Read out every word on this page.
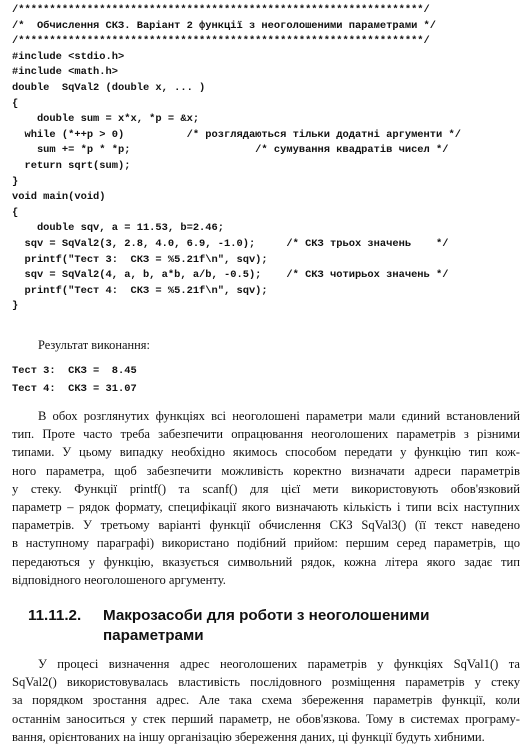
/*****************************************************************/
/*  Обчислення СКЗ. Варіант 2 функції з неоголошеними параметрами */
/*****************************************************************/
#include <stdio.h>
#include <math.h>
double  SqVal2 (double x, ... )
{
double sum = x*x, *p = &x;
while (*++p > 0)          /* розглядаються тільки додатні аргументи */
sum += *p * *p;                    /* сумування квадратів чисел */
return sqrt(sum);
}
void main(void)
{
double sqv, a = 11.53, b=2.46;
sqv = SqVal2(3, 2.8, 4.0, 6.9, -1.0);     /* СКЗ трьох значень    */
printf("Тест 3:  СКЗ = %5.21f\n", sqv);
sqv = SqVal2(4, a, b, a*b, a/b, -0.5);    /* СКЗ чотирьох значень */
printf("Тест 4:  СКЗ = %5.21f\n", sqv);
}
Результат виконання:
Тест 3:  СКЗ =  8.45
Тест 4:  СКЗ = 31.07
В обох розглянутих функціях всі неоголошені параметри мали єдиний встановлений
тип. Проте часто треба забезпечити опрацювання неоголошених параметрів з різними
типами. У цьому випадку необхідно якимось способом передати у функцію тип кож-
ного параметра, щоб забезпечити можливість коректно визначати адреси параметрів
у стеку. Функції printf() та scanf() для цієї мети використовують обов'язковий
параметр – рядок формату, специфікації якого визначають кількість і типи всіх наступних
параметрів. У третьому варіанті функції обчислення СКЗ SqVal3() (її текст наведено
в наступному параграфі) використано подібний прийом: першим серед параметрів, що
передаються у функцію, вказується символьний рядок, кожна літера якого задає тип
відповідного неоголошеного аргументу.
11.11.2. Макрозасоби для роботи з неоголошеними
параметрами
У процесі визначення адрес неоголошених параметрів у функціях SqVal1() та
SqVal2() використовувалась властивість послідовного розміщення параметрів у стеку
за порядком зростання адрес. Але така схема збереження параметрів функції, коли
останнім заноситься у стек перший параметр, не обов'язкова. Тому в системах програму-
вання, орієнтованих на іншу організацію збереження даних, ці функції будуть хибними.
